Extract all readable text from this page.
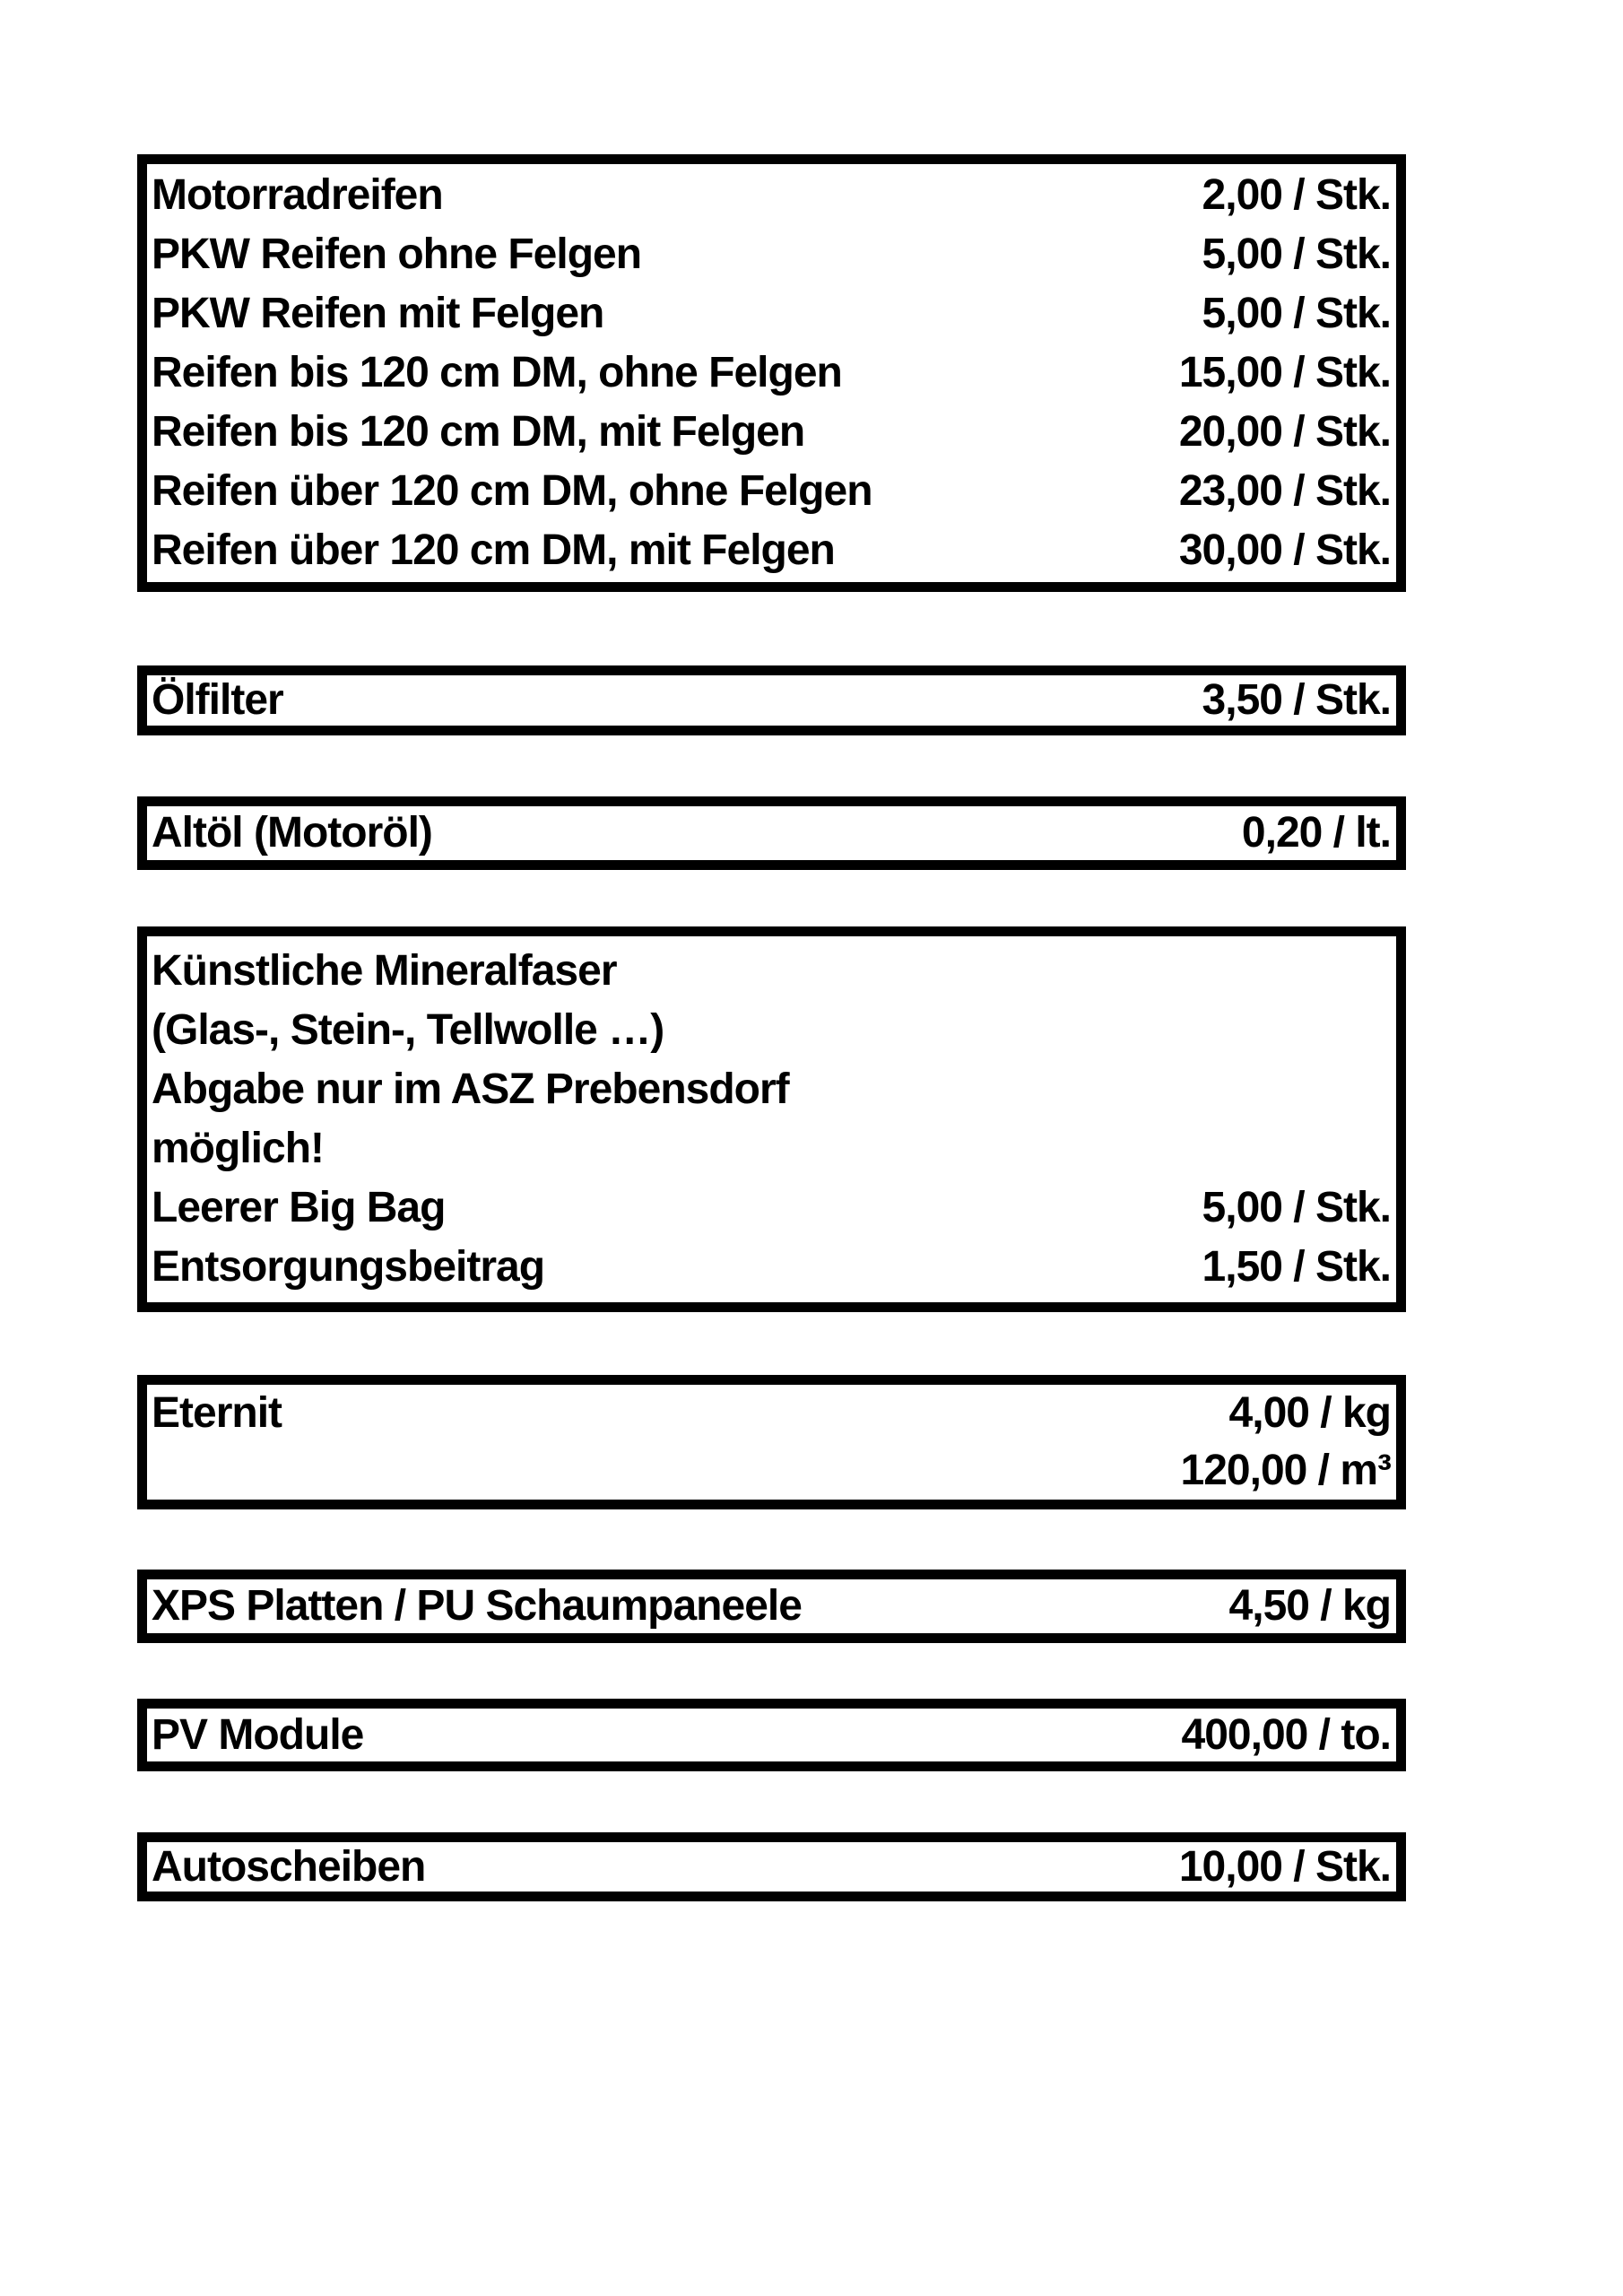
Motorradreifen	2,00 / Stk.
PKW Reifen ohne Felgen	5,00 / Stk.
PKW Reifen mit Felgen	5,00 / Stk.
Reifen bis 120 cm DM, ohne Felgen	15,00 / Stk.
Reifen bis 120 cm DM, mit Felgen	20,00 / Stk.
Reifen über 120 cm DM, ohne Felgen	23,00 / Stk.
Reifen über 120 cm DM, mit Felgen	30,00 / Stk.
Ölfilter	3,50 / Stk.
Altöl (Motoröl)	0,20 / lt.
Künstliche Mineralfaser
(Glas-, Stein-, Tellwolle …)
Abgabe nur im ASZ Prebensdorf
möglich!
Leerer Big Bag	5,00 / Stk.
Entsorgungsbeitrag	1,50 / Stk.
Eternit	4,00 / kg
120,00 / m³
XPS Platten / PU Schaumpaneele	4,50 / kg
PV Module	400,00 / to.
Autoscheiben	10,00 / Stk.
